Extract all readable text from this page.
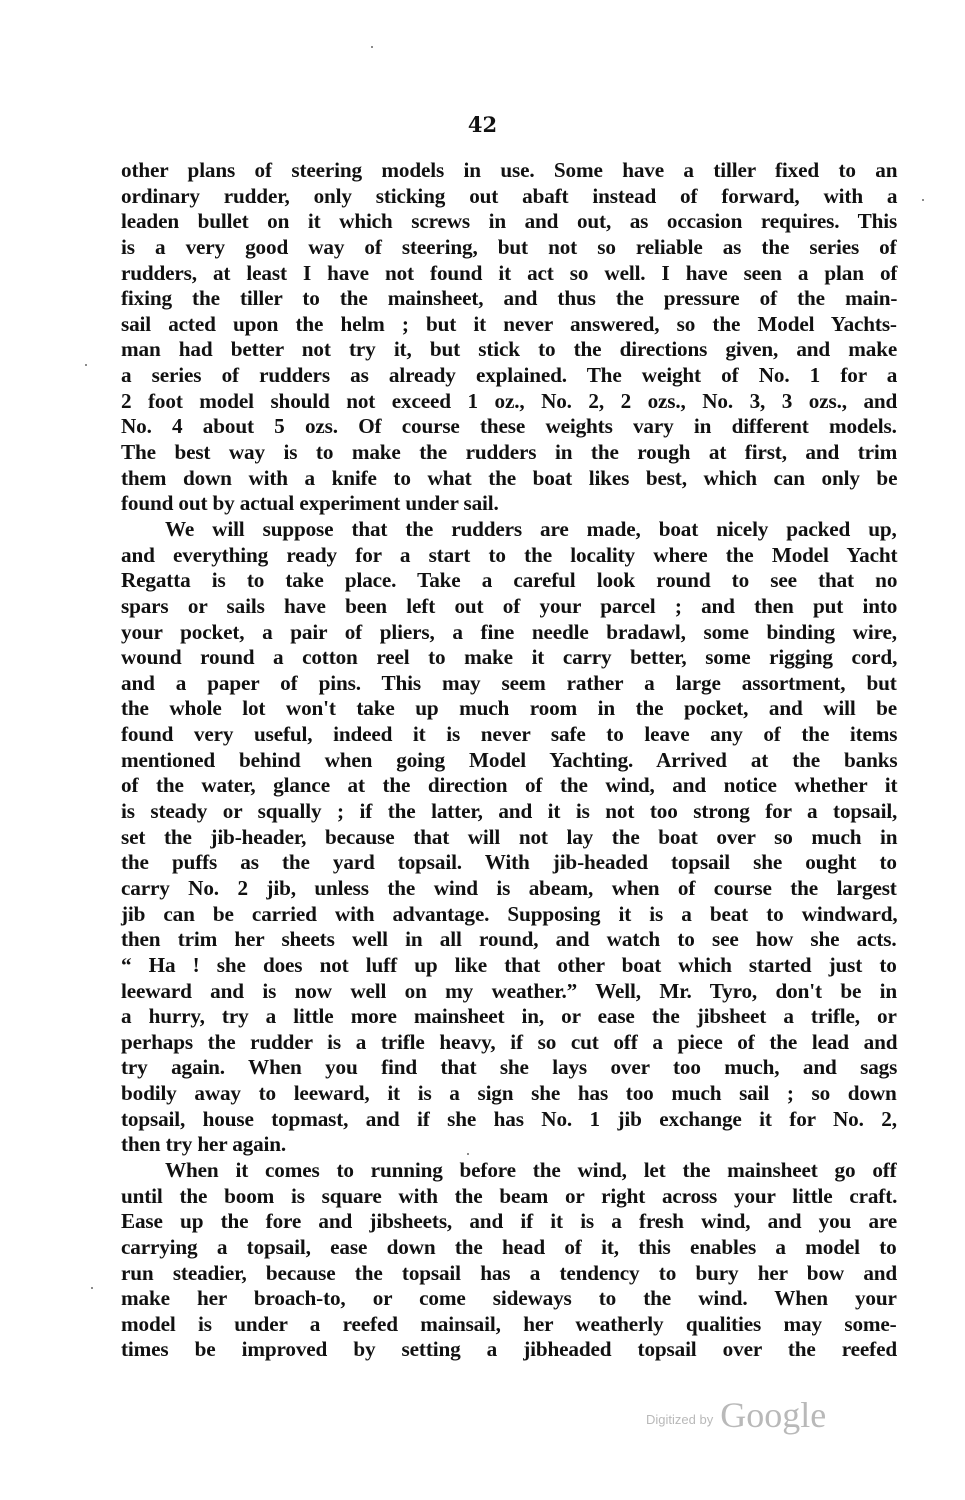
42
other plans of steering models in use. Some have a tiller fixed to an
ordinary rudder, only sticking out abaft instead of forward, with a
leaden bullet on it which screws in and out, as occasion requires. This
is a very good way of steering, but not so reliable as the series of
rudders, at least I have not found it act so well. I have seen a plan of
fixing the tiller to the mainsheet, and thus the pressure of the main-
sail acted upon the helm ; but it never answered, so the Model Yachts-
man had better not try it, but stick to the directions given, and make
a series of rudders as already explained. The weight of No. 1 for a
2 foot model should not exceed 1 oz., No. 2, 2 ozs., No. 3, 3 ozs., and
No. 4 about 5 ozs. Of course these weights vary in different models.
The best way is to make the rudders in the rough at first, and trim
them down with a knife to what the boat likes best, which can only be
found out by actual experiment under sail.
We will suppose that the rudders are made, boat nicely packed up,
and everything ready for a start to the locality where the Model Yacht
Regatta is to take place. Take a careful look round to see that no
spars or sails have been left out of your parcel ; and then put into
your pocket, a pair of pliers, a fine needle bradawl, some binding wire,
wound round a cotton reel to make it carry better, some rigging cord,
and a paper of pins. This may seem rather a large assortment, but
the whole lot won't take up much room in the pocket, and will be
found very useful, indeed it is never safe to leave any of the items
mentioned behind when going Model Yachting. Arrived at the banks
of the water, glance at the direction of the wind, and notice whether it
is steady or squally ; if the latter, and it is not too strong for a topsail,
set the jib-header, because that will not lay the boat over so much in
the puffs as the yard topsail. With jib-headed topsail she ought to
carry No. 2 jib, unless the wind is abeam, when of course the largest
jib can be carried with advantage. Supposing it is a beat to windward,
then trim her sheets well in all round, and watch to see how she acts.
“ Ha ! she does not luff up like that other boat which started just to
leeward and is now well on my weather.” Well, Mr. Tyro, don't be in
a hurry, try a little more mainsheet in, or ease the jibsheet a trifle, or
perhaps the rudder is a trifle heavy, if so cut off a piece of the lead and
try again. When you find that she lays over too much, and sags
bodily away to leeward, it is a sign she has too much sail ; so down
topsail, house topmast, and if she has No. 1 jib exchange it for No. 2,
then try her again.
When it comes to running before the wind, let the mainsheet go off
until the boom is square with the beam or right across your little craft.
Ease up the fore and jibsheets, and if it is a fresh wind, and you are
carrying a topsail, ease down the head of it, this enables a model to
run steadier, because the topsail has a tendency to bury her bow and
make her broach-to, or come sideways to the wind. When your
model is under a reefed mainsail, her weatherly qualities may some-
times be improved by setting a jibheaded topsail over the reefed
Digitized by Google
